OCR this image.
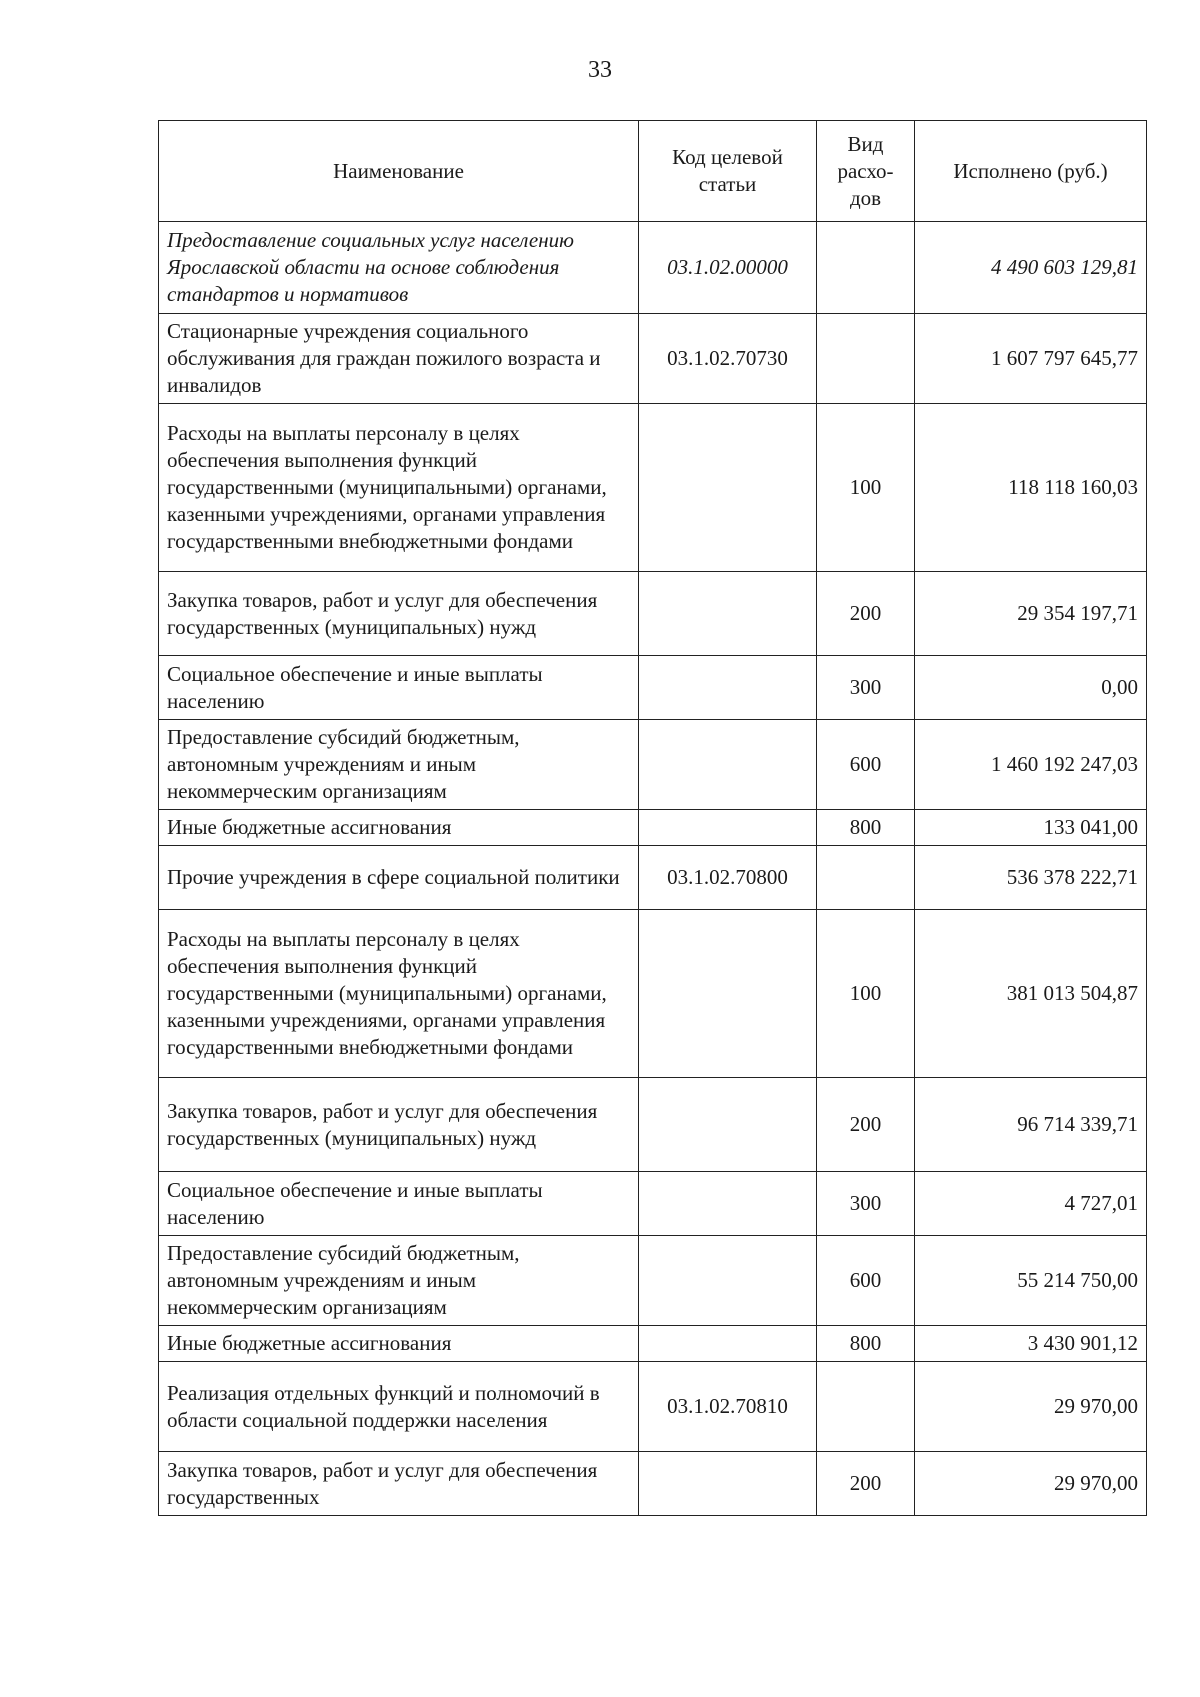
33
Наименование	Код целевой статьи	Вид расхо-дов	Исполнено (руб.)
Предоставление социальных услуг населению Ярославской области на основе соблюдения стандартов и нормативов	03.1.02.00000		4 490 603 129,81
Стационарные учреждения социального обслуживания для граждан пожилого возраста и инвалидов	03.1.02.70730		1 607 797 645,77
Расходы на выплаты персоналу в целях обеспечения выполнения функций государственными (муниципальными) органами, казенными учреждениями, органами управления государственными внебюджетными фондами		100	118 118 160,03
Закупка товаров, работ и услуг для обеспечения государственных (муниципальных) нужд		200	29 354 197,71
Социальное обеспечение и иные выплаты населению		300	0,00
Предоставление субсидий бюджетным, автономным учреждениям и иным некоммерческим организациям		600	1 460 192 247,03
Иные бюджетные ассигнования		800	133 041,00
Прочие учреждения в сфере социальной политики	03.1.02.70800		536 378 222,71
Расходы на выплаты персоналу в целях обеспечения выполнения функций государственными (муниципальными) органами, казенными учреждениями, органами управления государственными внебюджетными фондами		100	381 013 504,87
Закупка товаров, работ и услуг для обеспечения государственных (муниципальных) нужд		200	96 714 339,71
Социальное обеспечение и иные выплаты населению		300	4 727,01
Предоставление субсидий бюджетным, автономным учреждениям и иным некоммерческим организациям		600	55 214 750,00
Иные бюджетные ассигнования		800	3 430 901,12
Реализация отдельных функций и полномочий в области социальной поддержки населения	03.1.02.70810		29 970,00
Закупка товаров, работ и услуг для обеспечения государственных		200	29 970,00
